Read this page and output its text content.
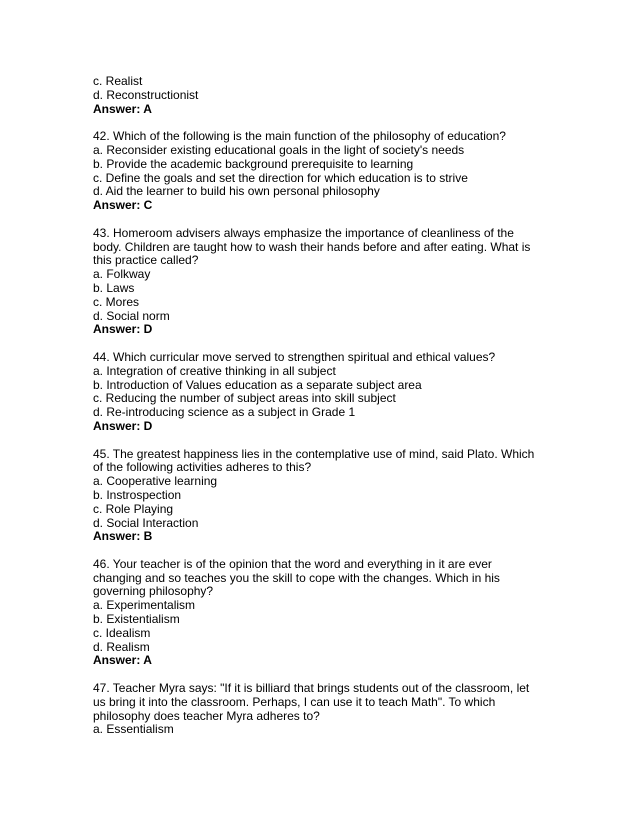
c. Realist
d. Reconstructionist
Answer: A
42. Which of the following is the main function of the philosophy of education?
a. Reconsider existing educational goals in the light of society's needs
b. Provide the academic background prerequisite to learning
c. Define the goals and set the direction for which education is to strive
d. Aid the learner to build his own personal philosophy
Answer: C
43. Homeroom advisers always emphasize the importance of cleanliness of the
body. Children are taught how to wash their hands before and after eating. What is
this practice called?
a. Folkway
b. Laws
c. Mores
d. Social norm
Answer: D
44. Which curricular move served to strengthen spiritual and ethical values?
a. Integration of creative thinking in all subject
b. Introduction of Values education as a separate subject area
c. Reducing the number of subject areas into skill subject
d. Re-introducing science as a subject in Grade 1
Answer: D
45. The greatest happiness lies in the contemplative use of mind, said Plato. Which
of the following activities adheres to this?
a. Cooperative learning
b. Instrospection
c. Role Playing
d. Social Interaction
Answer: B
46. Your teacher is of the opinion that the word and everything in it are ever
changing and so teaches you the skill to cope with the changes. Which in his
governing philosophy?
a. Experimentalism
b. Existentialism
c. Idealism
d. Realism
Answer: A
47. Teacher Myra says: "If it is billiard that brings students out of the classroom, let
us bring it into the classroom. Perhaps, I can use it to teach Math". To which
philosophy does teacher Myra adheres to?
a. Essentialism
